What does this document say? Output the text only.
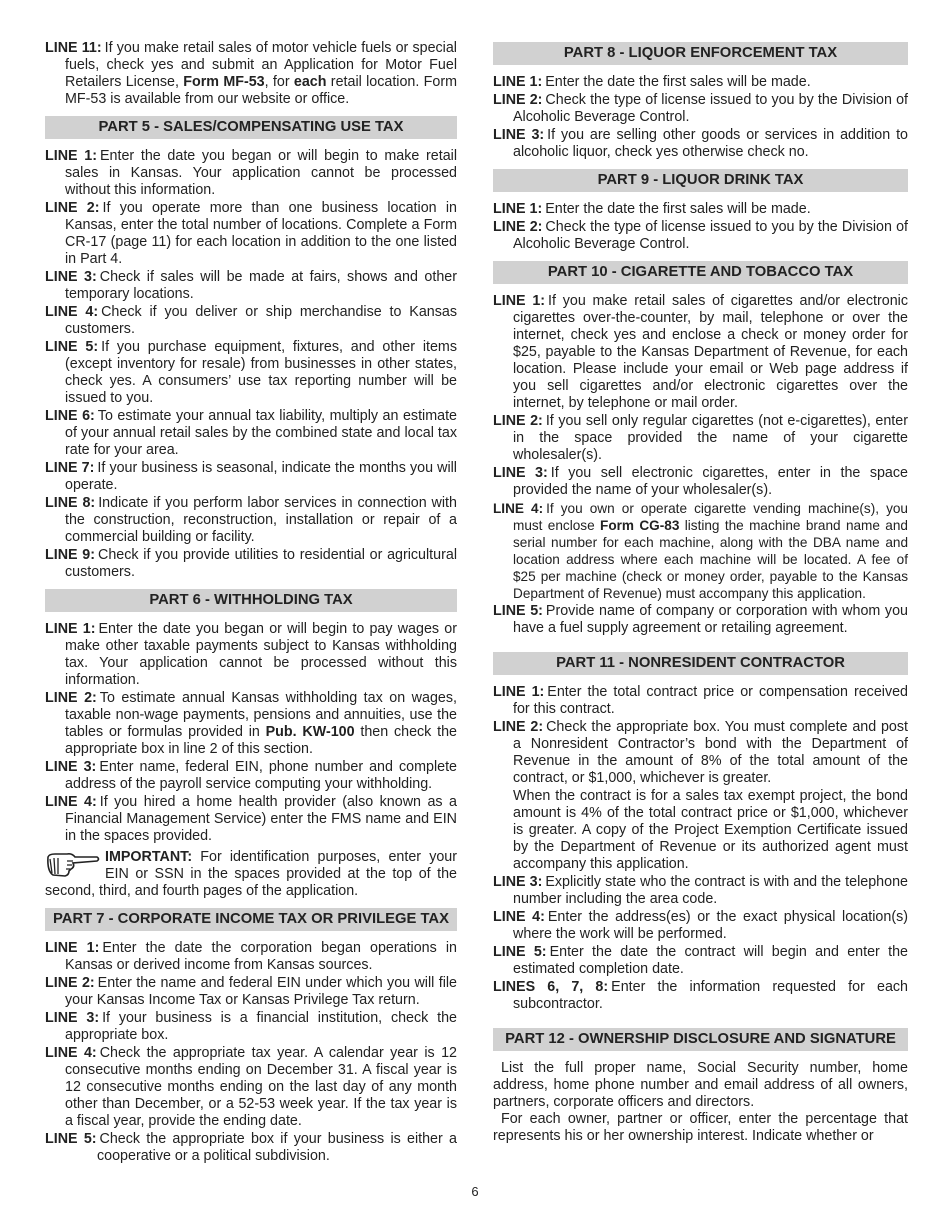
LINE 11: If you make retail sales of motor vehicle fuels or special fuels, check yes and submit an Application for Motor Fuel Retailers License, Form MF-53, for each retail location. Form MF-53 is available from our website or office.
PART 5 - SALES/COMPENSATING USE TAX
LINE 1: Enter the date you began or will begin to make retail sales in Kansas. Your application cannot be processed without this information.
LINE 2: If you operate more than one business location in Kansas, enter the total number of locations. Complete a Form CR-17 (page 11) for each location in addition to the one listed in Part 4.
LINE 3: Check if sales will be made at fairs, shows and other temporary locations.
LINE 4: Check if you deliver or ship merchandise to Kansas customers.
LINE 5: If you purchase equipment, fixtures, and other items (except inventory for resale) from businesses in other states, check yes. A consumers’ use tax reporting number will be issued to you.
LINE 6: To estimate your annual tax liability, multiply an estimate of your annual retail sales by the combined state and local tax rate for your area.
LINE 7: If your business is seasonal, indicate the months you will operate.
LINE 8: Indicate if you perform labor services in connection with the construction, reconstruction, installation or repair of a commercial building or facility.
LINE 9: Check if you provide utilities to residential or agricultural customers.
PART 6 - WITHHOLDING TAX
LINE 1: Enter the date you began or will begin to pay wages or make other taxable payments subject to Kansas withholding tax. Your application cannot be processed without this information.
LINE 2: To estimate annual Kansas withholding tax on wages, taxable non-wage payments, pensions and annuities, use the tables or formulas provided in Pub. KW-100 then check the appropriate box in line 2 of this section.
LINE 3: Enter name, federal EIN, phone number and complete address of the payroll service computing your withholding.
LINE 4: If you hired a home health provider (also known as a Financial Management Service) enter the FMS name and EIN in the spaces provided.
IMPORTANT: For identification purposes, enter your EIN or SSN in the spaces provided at the top of the second, third, and fourth pages of the application.
PART 7 - CORPORATE INCOME TAX OR PRIVILEGE TAX
LINE 1: Enter the date the corporation began operations in Kansas or derived income from Kansas sources.
LINE 2: Enter the name and federal EIN under which you will file your Kansas Income Tax or Kansas Privilege Tax return.
LINE 3: If your business is a financial institution, check the appropriate box.
LINE 4: Check the appropriate tax year. A calendar year is 12 consecutive months ending on December 31. A fiscal year is 12 consecutive months ending on the last day of any month other than December, or a 52-53 week year. If the tax year is a fiscal year, provide the ending date.
LINE 5: Check the appropriate box if your business is either a cooperative or a political subdivision.
PART 8 - LIQUOR ENFORCEMENT TAX
LINE 1: Enter the date the first sales will be made.
LINE 2: Check the type of license issued to you by the Division of Alcoholic Beverage Control.
LINE 3: If you are selling other goods or services in addition to alcoholic liquor, check yes otherwise check no.
PART 9 - LIQUOR DRINK TAX
LINE 1: Enter the date the first sales will be made.
LINE 2: Check the type of license issued to you by the Division of Alcoholic Beverage Control.
PART 10 - CIGARETTE AND TOBACCO TAX
LINE 1: If you make retail sales of cigarettes and/or electronic cigarettes over-the-counter, by mail, telephone or over the internet, check yes and enclose a check or money order for $25, payable to the Kansas Department of Revenue, for each location. Please include your email or Web page address if you sell cigarettes and/or electronic cigarettes over the internet, by telephone or mail order.
LINE 2: If you sell only regular cigarettes (not e-cigarettes), enter in the space provided the name of your cigarette wholesaler(s).
LINE 3: If you sell electronic cigarettes, enter in the space provided the name of your wholesaler(s).
LINE 4: If you own or operate cigarette vending machine(s), you must enclose Form CG-83 listing the machine brand name and serial number for each machine, along with the DBA name and location address where each machine will be located. A fee of $25 per machine (check or money order, payable to the Kansas Department of Revenue) must accompany this application.
LINE 5: Provide name of company or corporation with whom you have a fuel supply agreement or retailing agreement.
PART 11 - NONRESIDENT CONTRACTOR
LINE 1: Enter the total contract price or compensation received for this contract.
LINE 2: Check the appropriate box. You must complete and post a Nonresident Contractor’s bond with the Department of Revenue in the amount of 8% of the total amount of the contract, or $1,000, whichever is greater.
When the contract is for a sales tax exempt project, the bond amount is 4% of the total contract price or $1,000, whichever is greater. A copy of the Project Exemption Certificate issued by the Department of Revenue or its authorized agent must accompany this application.
LINE 3: Explicitly state who the contract is with and the telephone number including the area code.
LINE 4: Enter the address(es) or the exact physical location(s) where the work will be performed.
LINE 5: Enter the date the contract will begin and enter the estimated completion date.
LINES 6, 7, 8: Enter the information requested for each subcontractor.
PART 12 - OWNERSHIP DISCLOSURE AND SIGNATURE
List the full proper name, Social Security number, home address, home phone number and email address of all owners, partners, corporate officers and directors.
For each owner, partner or officer, enter the percentage that represents his or her ownership interest. Indicate whether or
6
